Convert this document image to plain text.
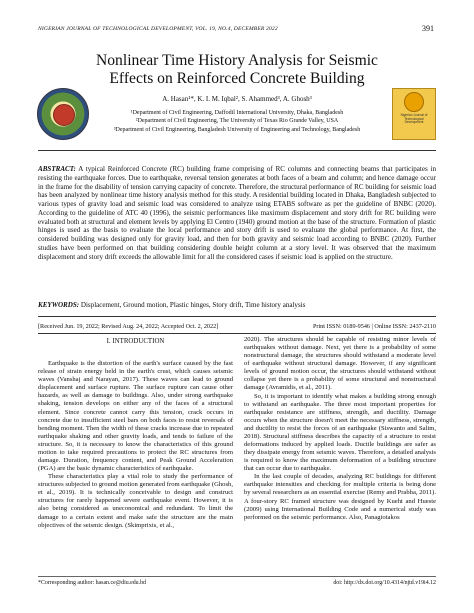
NIGERIAN JOURNAL OF TECHNOLOGICAL DEVELOPMENT, VOL. 19, NO.4, DECEMBER 2022	391
Nigerian Journal of
Technological
Development
Nonlinear Time History Analysis for Seismic
Effects on Reinforced Concrete Building
A. Hasan¹*, K. I. M. Iqbal², S. Ahammed³, A. Ghosh³
¹Department of Civil Engineering, Daffodil International University, Dhaka, Bangladesh
²Department of Civil Engineering, The University of Texas Rio Grande Valley, USA
³Department of Civil Engineering, Bangladesh University of Engineering and Technology, Bangladesh
ABSTRACT: A typical Reinforced Concrete (RC) building frame comprising of RC columns and connecting beams that participates in resisting the earthquake forces. Due to earthquake, reversal tension generates at both faces of a beam and column; and hence damage occur in the frame for the disability of tension carrying capacity of concrete. Therefore, the structural performance of RC building for seismic load has been analyzed by nonlinear time history analysis method for this study. A residential building located in Dhaka, Bangladesh subjected to various types of gravity load and seismic load was considered to analyze using ETABS software as per the guideline of BNBC (2020). According to the guideline of ATC 40 (1996), the seismic performances like maximum displacement and story drift for RC building were evaluated both at structural and element levels by applying El Centro (1940) ground motion at the base of the structure. Formation of plastic hinges is used as the basis to evaluate the local performance and story drift is used to evaluate the global performance. At first, the considered building was designed only for gravity load, and then for both gravity and seismic load according to BNBC (2020). Further studies have been performed on that building considering double height column at a story level. It was observed that the maximum displacement and story drift exceeds the allowable limit for all the considered cases if seismic load is applied on the structure.
KEYWORDS: Displacement, Ground motion, Plastic hinges, Story drift, Time history analysis
[Received Jun. 19, 2022; Revised Aug. 24, 2022; Accepted Oct. 2, 2022]	Print ISSN: 0189-9546 | Online ISSN: 2437-2110

I. INTRODUCTION

Earthquake is the distortion of the earth's surface caused by the fast release of strain energy held in the earth's crust, which causes seismic waves (Vanshaj and Narayan, 2017). These waves can lead to ground displacement and surface rupture. The surface rupture can cause other hazards, as well as damage to buildings. Also, under strong earthquake shaking, tension develops on either any of the faces of a structural element. Since concrete cannot carry this tension, crack occurs in concrete due to insufficient steel bars on both faces to resist reversals of bending moment. Then the width of these cracks increase due to repeated earthquake shaking and other gravity loads, and tends to failure of the structure. So, it is necessary to know the characteristics of this ground motion to take required precautions to protect the RC structures from damage. Duration, frequency content, and Peak Ground Acceleration (PGA) are the basic dynamic characteristics of earthquake.

These characteristics play a vital role to study the performance of structures subjected to ground motion generated from earthquake (Ghosh, et al., 2019). It is technically conceivable to design and construct structures for rarely happened severe earthquake event. However, it is also being considered as uneconomical and redundant. To limit the damage to a certain extent and make safe the structure are the main objectives of the seismic design. (Skimprixis, et al.,

2020). The structures should be capable of resisting minor levels of earthquakes without damage. Next, yet there is a probability of some nonstructural damage, the structures should withstand a moderate level of earthquake without structural damage. However, if any significant levels of ground motion occur, the structures should withstand without collapse yet there is a probability of some structural and nonstructural damage (Avramidis, et al., 2011).

So, it is important to identify what makes a building strong enough to withstand an earthquake. The three most important properties for earthquake resistance are stiffness, strength, and ductility. Damage occurs when the structure doesn't meet the necessary stiffness, strength, and ductility to resist the forces of an earthquake (Siswanto and Salim, 2018). Structural stiffness describes the capacity of a structure to resist deformations induced by applied loads. Ductile buildings are safer as they dissipate energy from seismic waves. Therefore, a detailed analysis is required to know the maximum deformation of a building structure that can occur due to earthquake.

In the last couple of decades, analyzing RC buildings for different earthquake intensities and checking for multiple criteria is being done by several researchers as an essential exercise (Remy and Prabha, 2011). A four-story RC framed structure was designed by Kueht and Hueste (2009) using International Building Code and a numerical study was performed on the seismic performance. Also, Panagiotakos

*Corresponding author: hasan.ce@diu.edu.bd	doi: http://dx.doi.org/10.4314/njtd.v19i4.12
